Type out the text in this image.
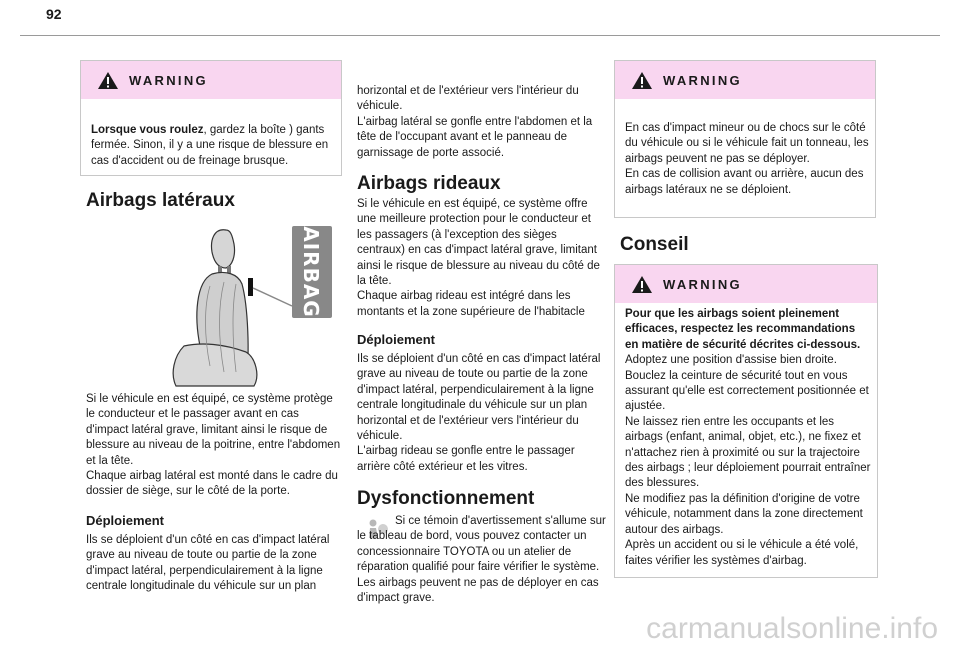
92
WARNING
Lorsque vous roulez, gardez la boîte ) gants fermée. Sinon, il y a une risque de blessure en cas d'accident ou de freinage brusque.
Airbags latéraux
AIRBAG

Si le véhicule en est équipé, ce système protège le conducteur et le passager avant en cas d'impact latéral grave, limitant ainsi le risque de blessure au niveau de la poitrine, entre l'abdomen et la tête.
Chaque airbag latéral est monté dans le cadre du dossier de siège, sur le côté de la porte.

Déploiement

Ils se déploient d'un côté en cas d'impact latéral grave au niveau de toute ou partie de la zone d'impact latéral, perpendiculairement à la ligne centrale longitudinale du véhicule sur un plan

horizontal et de l'extérieur vers l'intérieur du véhicule.
L'airbag latéral se gonfle entre l'abdomen et la tête de l'occupant avant et le panneau de garnissage de porte associé.

Airbags rideaux

Si le véhicule en est équipé, ce système offre une meilleure protection pour le conducteur et les passagers (à l'exception des sièges centraux) en cas d'impact latéral grave, limitant ainsi le risque de blessure au niveau du côté de la tête.
Chaque airbag rideau est intégré dans les montants et la zone supérieure de l'habitacle

Déploiement

Ils se déploient d'un côté en cas d'impact latéral grave au niveau de toute ou partie de la zone d'impact latéral, perpendiculairement à la ligne centrale longitudinale du véhicule sur un plan horizontal et de l'extérieur vers l'intérieur du véhicule.
L'airbag rideau se gonfle entre le passager arrière côté extérieur et les vitres.

Dysfonctionnement

Si ce témoin d'avertissement s'allume sur le tableau de bord, vous pouvez contacter un concessionnaire TOYOTA ou un atelier de réparation qualifié pour faire vérifier le système. Les airbags peuvent ne pas de déployer en cas d'impact grave.

WARNING
En cas d'impact mineur ou de chocs sur le côté du véhicule ou si le véhicule fait un tonneau, les airbags peuvent ne pas se déployer.
En cas de collision avant ou arrière, aucun des airbags latéraux ne se déploient.
Conseil
WARNING
Pour que les airbags soient pleinement efficaces, respectez les recommandations en matière de sécurité décrites ci-dessous.
Adoptez une position d'assise bien droite.
Bouclez la ceinture de sécurité tout en vous assurant qu'elle est correctement positionnée et ajustée.
Ne laissez rien entre les occupants et les airbags (enfant, animal, objet, etc.), ne fixez et n'attachez rien à proximité ou sur la trajectoire des airbags ; leur déploiement pourrait entraîner des blessures.
Ne modifiez pas la définition d'origine de votre véhicule, notamment dans la zone directement autour des airbags.
Après un accident ou si le véhicule a été volé, faites vérifier les systèmes d'airbag.
carmanualsonline.info
